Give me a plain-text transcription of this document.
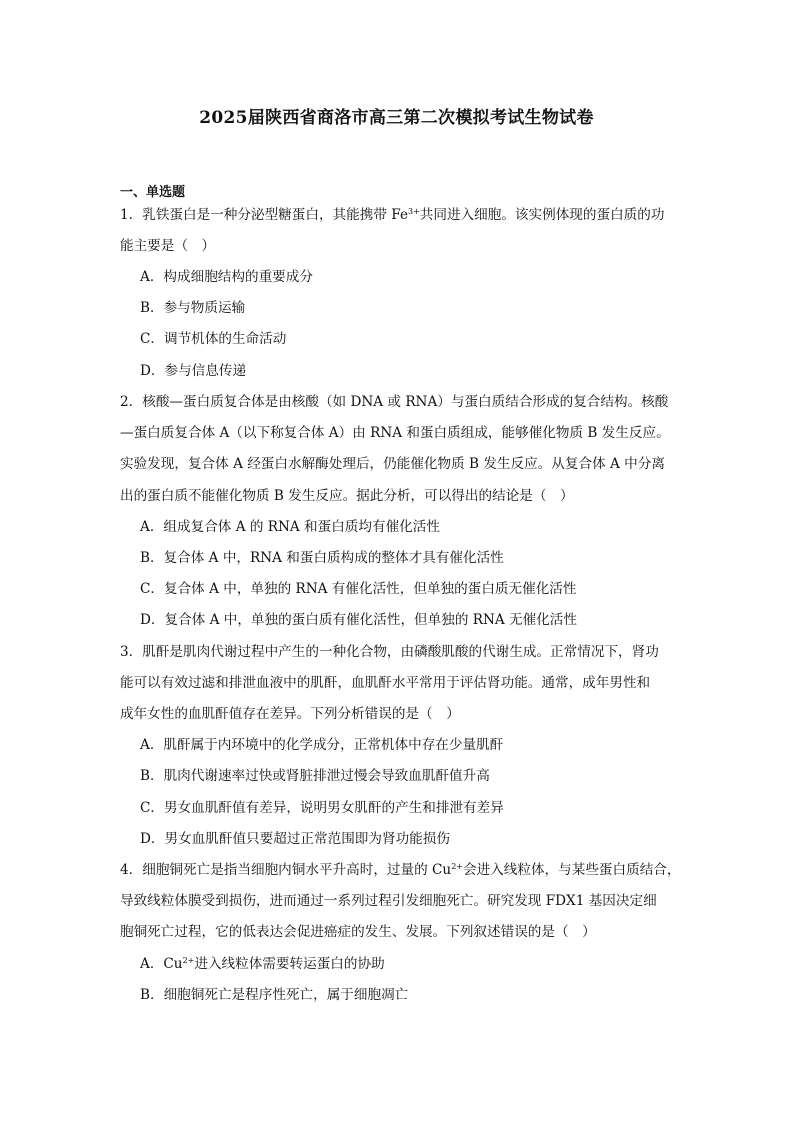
2025届陕西省商洛市高三第二次模拟考试生物试卷
一、单选题
1．乳铁蛋白是一种分泌型糖蛋白，其能携带 $Fe^{3+}$共同进入细胞。该实例体现的蛋白质的功
能主要是（　）
A．构成细胞结构的重要成分
B．参与物质运输
C．调节机体的生命活动
D．参与信息传递
2．核酸—蛋白质复合体是由核酸（如 DNA 或 RNA）与蛋白质结合形成的复合结构。核酸
—蛋白质复合体 A（以下称复合体 A）由 RNA 和蛋白质组成，能够催化物质 B 发生反应。
实验发现，复合体 A 经蛋白水解酶处理后，仍能催化物质 B 发生反应。从复合体 A 中分离
出的蛋白质不能催化物质 B 发生反应。据此分析，可以得出的结论是（　）
A．组成复合体 A 的 RNA 和蛋白质均有催化活性
B．复合体 A 中，RNA 和蛋白质构成的整体才具有催化活性
C．复合体 A 中，单独的 RNA 有催化活性，但单独的蛋白质无催化活性
D．复合体 A 中，单独的蛋白质有催化活性，但单独的 RNA 无催化活性
3．肌酐是肌肉代谢过程中产生的一种化合物，由磷酸肌酸的代谢生成。正常情况下，肾功
能可以有效过滤和排泄血液中的肌酐，血肌酐水平常用于评估肾功能。通常，成年男性和
成年女性的血肌酐值存在差异。下列分析错误的是（　）
A．肌酐属于内环境中的化学成分，正常机体中存在少量肌酐
B．肌肉代谢速率过快或肾脏排泄过慢会导致血肌酐值升高
C．男女血肌酐值有差异，说明男女肌酐的产生和排泄有差异
D．男女血肌酐值只要超过正常范围即为肾功能损伤
4．细胞铜死亡是指当细胞内铜水平升高时，过量的 $Cu^{2+}$会进入线粒体，与某些蛋白质结合，
导致线粒体膜受到损伤，进而通过一系列过程引发细胞死亡。研究发现 FDX1 基因决定细
胞铜死亡过程，它的低表达会促进癌症的发生、发展。下列叙述错误的是（　）
A．$Cu^{2+}$进入线粒体需要转运蛋白的协助
B．细胞铜死亡是程序性死亡，属于细胞凋亡
